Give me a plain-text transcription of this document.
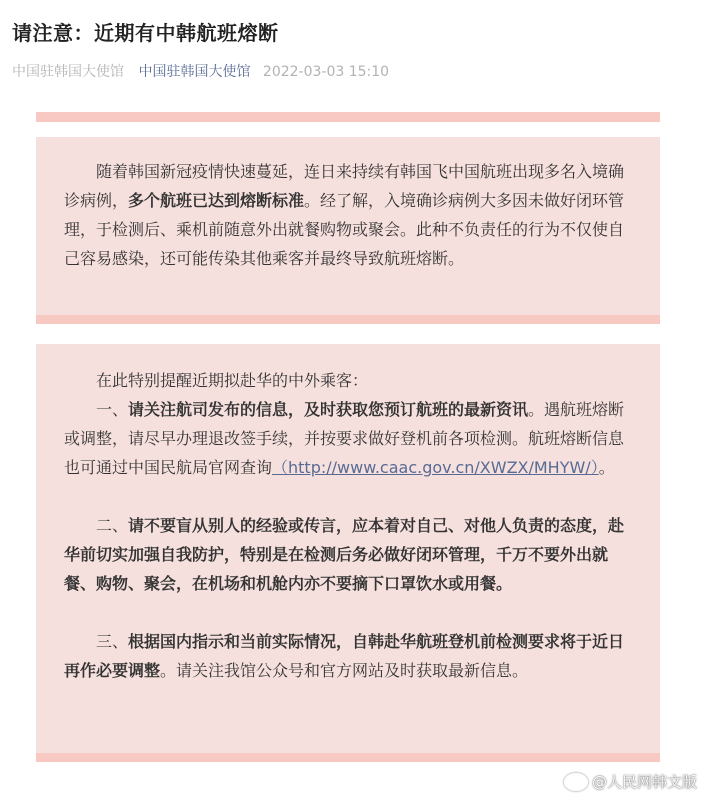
请注意：近期有中韩航班熔断
中国驻韩国大使馆 中国驻韩国大使馆 2022-03-03 15:10

随着韩国新冠疫情快速蔓延，连日来持续有韩国飞中国航班出现多名入境确诊病例，多个航班已达到熔断标准。经了解，入境确诊病例大多因未做好闭环管理，于检测后、乘机前随意外出就餐购物或聚会。此种不负责任的行为不仅使自己容易感染，还可能传染其他乘客并最终导致航班熔断。

在此特别提醒近期拟赴华的中外乘客：

一、请关注航司发布的信息，及时获取您预订航班的最新资讯。遇航班熔断或调整，请尽早办理退改签手续，并按要求做好登机前各项检测。航班熔断信息也可通过中国民航局官网查询（http://www.caac.gov.cn/XWZX/MHYW/）。

二、请不要盲从别人的经验或传言，应本着对自己、对他人负责的态度，赴华前切实加强自我防护，特别是在检测后务必做好闭环管理，千万不要外出就餐、购物、聚会，在机场和机舱内亦不要摘下口罩饮水或用餐。

三、根据国内指示和当前实际情况，自韩赴华航班登机前检测要求将于近日再作必要调整。请关注我馆公众号和官方网站及时获取最新信息。

@人民网韩文版
